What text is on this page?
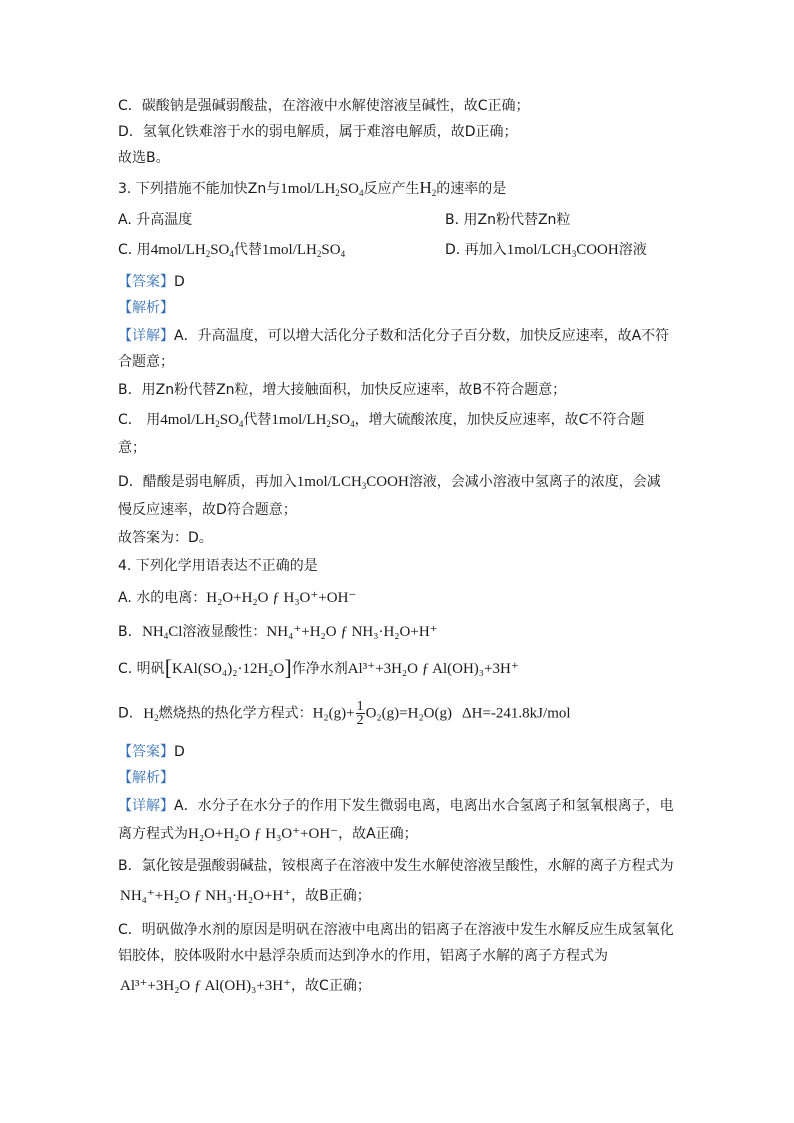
C．碳酸钠是强碱弱酸盐，在溶液中水解使溶液呈碱性，故C正确；
D．氢氧化铁难溶于水的弱电解质，属于难溶电解质，故D正确；
故选B。
3. 下列措施不能加快Zn与$1mol/LH_2SO_4$反应产生$H_2$的速率的是
A. 升高温度	B. 用Zn粉代替Zn粒
C. 用$4mol/LH_2SO_4$代替$1mol/LH_2SO_4$	D. 再加入$1mol/LCH_3COOH$溶液
【答案】D
【解析】
【详解】A．升高温度，可以增大活化分子数和活化分子百分数，加快反应速率，故A不符
合题意；
B．用Zn粉代替Zn粒，增大接触面积，加快反应速率，故B不符合题意；
C． 用$4mol/LH_2SO_4$代替$1mol/LH_2SO_4$，增大硫酸浓度，加快反应速率，故C不符合题
意；
D．醋酸是弱电解质，再加入$1mol/LCH_3COOH$溶液，会减小溶液中氢离子的浓度，会减
慢反应速率，故D符合题意；
故答案为：D。
4. 下列化学用语表达不正确的是
A. 水的电离：H₂O+H₂O ƒ H₃O⁺+OH⁻
B. $NH_4Cl$溶液显酸性：NH₄⁺+H₂O ƒ NH₃·H₂O+H⁺
C. 明矾[KAl(SO₄)₂·12H₂O]作净水剂Al³⁺+3H₂O ƒ Al(OH)₃+3H⁺
D. $H_2$燃烧热的热化学方程式：$H_2(g)+ \frac{1}{2} O_2(g)=H_2O(g)$ ΔH=-241.8kJ/mol
【答案】D
【解析】
【详解】A．水分子在水分子的作用下发生微弱电离，电离出水合氢离子和氢氧根离子，电
离方程式为H₂O+H₂O ƒ H₃O⁺+OH⁻，故A正确；
B．氯化铵是强酸弱碱盐，铵根离子在溶液中发生水解使溶液呈酸性，水解的离子方程式为
NH₄⁺+H₂O ƒ NH₃·H₂O+H⁺，故B正确；
C．明矾做净水剂的原因是明矾在溶液中电离出的铝离子在溶液中发生水解反应生成氢氧化
铝胶体，胶体吸附水中悬浮杂质而达到净水的作用，铝离子水解的离子方程式为
Al³⁺+3H₂O ƒ Al(OH)₃+3H⁺，故C正确；
